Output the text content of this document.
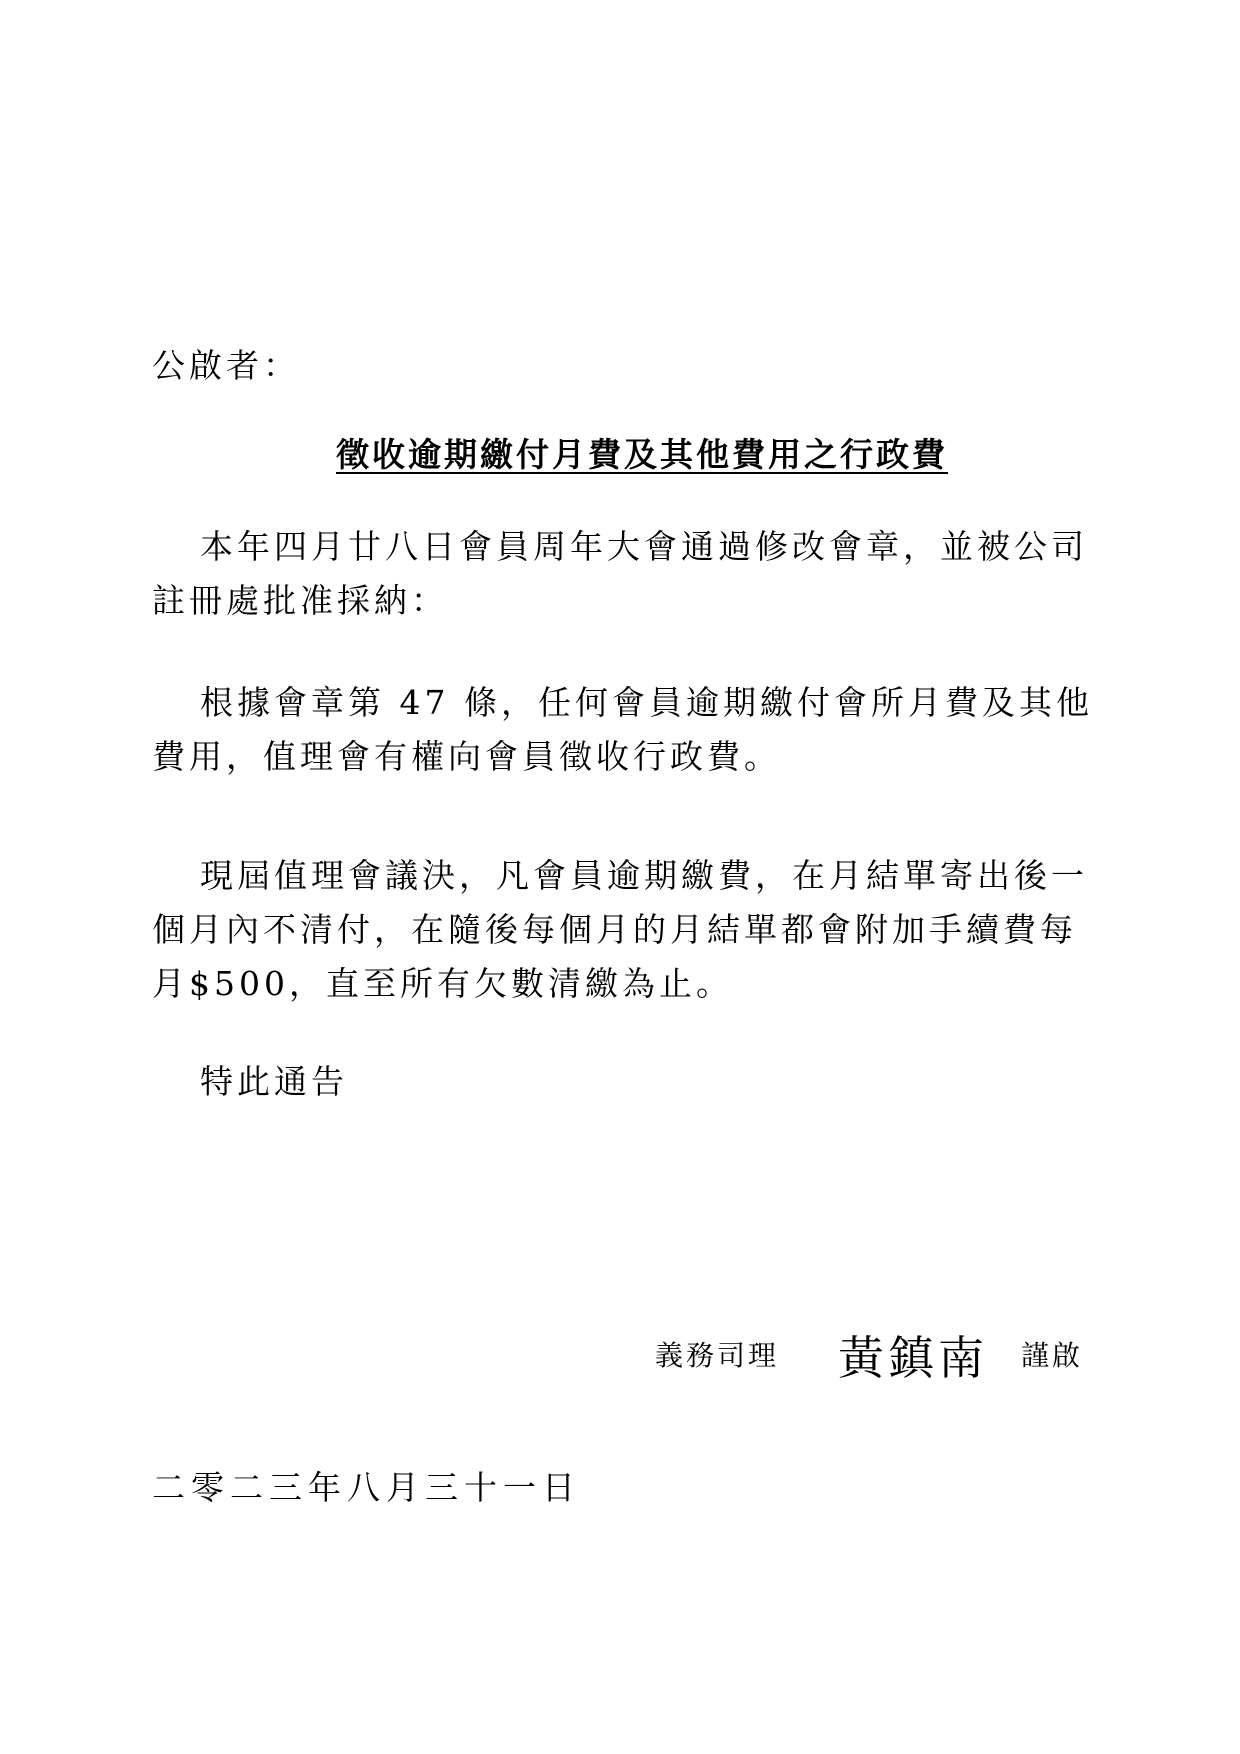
公啟者：
徵收逾期繳付月費及其他費用之行政費
本年四月廿八日會員周年大會通過修改會章，並被公司
註冊處批准採納：
根據會章第 47 條，任何會員逾期繳付會所月費及其他
費用，值理會有權向會員徵收行政費。
現屆值理會議決，凡會員逾期繳費，在月結單寄出後一
個月內不清付，在隨後每個月的月結單都會附加手續費每
月$500，直至所有欠數清繳為止。
特此通告
義務司理 黃鎮南 謹啟
二零二三年八月三十一日
